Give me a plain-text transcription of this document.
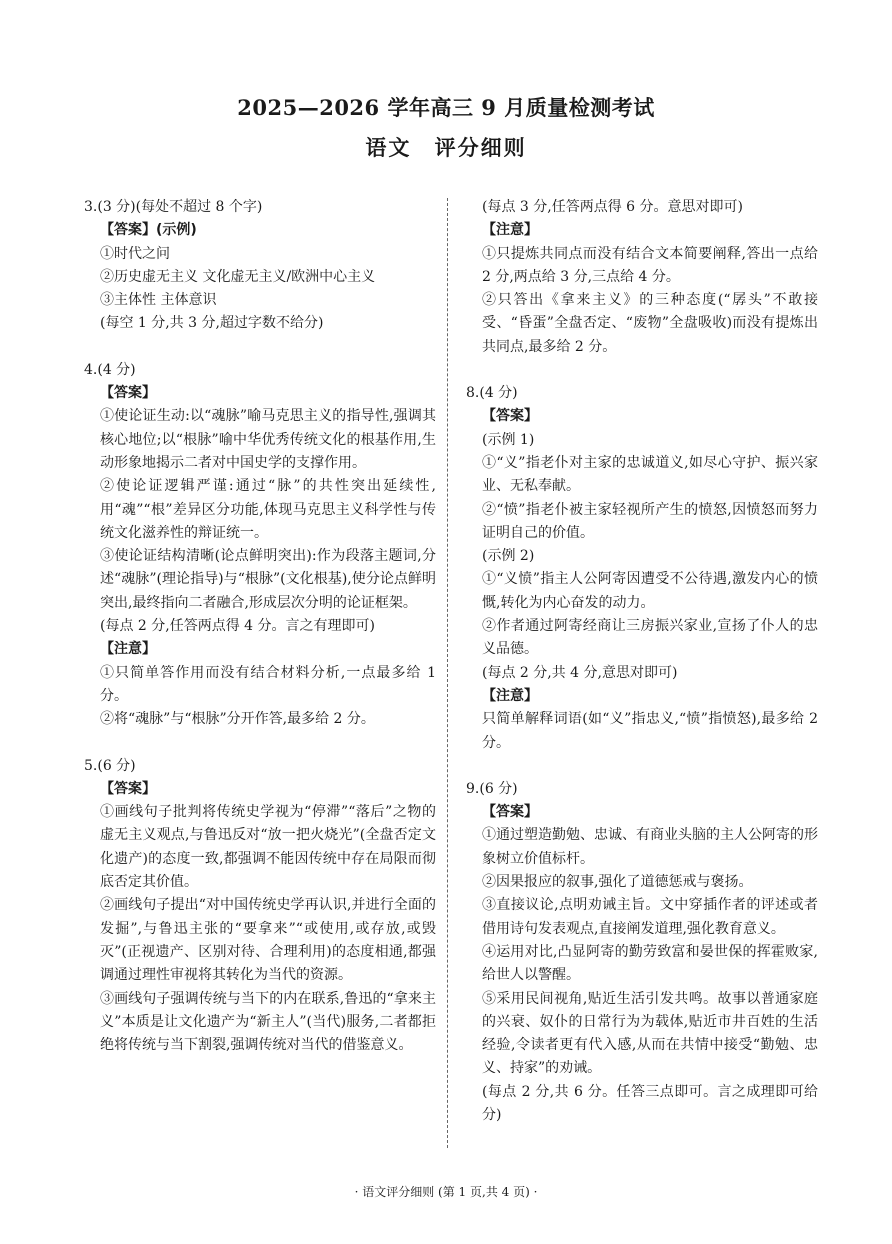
2025—2026 学年高三 9 月质量检测考试
语文 评分细则
3.(3 分)(每处不超过 8 个字)
【答案】(示例)
①时代之问
②历史虚无主义 文化虚无主义/欧洲中心主义
③主体性 主体意识
(每空 1 分,共 3 分,超过字数不给分)
4.(4 分)
【答案】
①使论证生动:以“魂脉”喻马克思主义的指导性,强调其核心地位;以“根脉”喻中华优秀传统文化的根基作用,生动形象地揭示二者对中国史学的支撑作用。
②使论证逻辑严谨:通过“脉”的共性突出延续性,用“魂”“根”差异区分功能,体现马克思主义科学性与传统文化滋养性的辩证统一。
③使论证结构清晰(论点鲜明突出):作为段落主题词,分述“魂脉”(理论指导)与“根脉”(文化根基),使分论点鲜明突出,最终指向二者融合,形成层次分明的论证框架。
(每点 2 分,任答两点得 4 分。言之有理即可)
【注意】
①只简单答作用而没有结合材料分析,一点最多给 1 分。
②将“魂脉”与“根脉”分开作答,最多给 2 分。
5.(6 分)
【答案】
①画线句子批判将传统史学视为“停滞”“落后”之物的虚无主义观点,与鲁迅反对“放一把火烧光”(全盘否定文化遗产)的态度一致,都强调不能因传统中存在局限而彻底否定其价值。
②画线句子提出“对中国传统史学再认识,并进行全面的发掘”,与鲁迅主张的“要拿来”“或使用,或存放,或毁灭”(正视遗产、区别对待、合理利用)的态度相通,都强调通过理性审视将其转化为当代的资源。
③画线句子强调传统与当下的内在联系,鲁迅的“拿来主义”本质是让文化遗产为“新主人”(当代)服务,二者都拒绝将传统与当下割裂,强调传统对当代的借鉴意义。
(每点 3 分,任答两点得 6 分。意思对即可)
【注意】
①只提炼共同点而没有结合文本简要阐释,答出一点给 2 分,两点给 3 分,三点给 4 分。
②只答出《拿来主义》的三种态度(“孱头”不敢接受、“昏蛋”全盘否定、“废物”全盘吸收)而没有提炼出共同点,最多给 2 分。
8.(4 分)
【答案】
(示例 1)
①“义”指老仆对主家的忠诚道义,如尽心守护、振兴家业、无私奉献。
②“愤”指老仆被主家轻视所产生的愤怒,因愤怒而努力证明自己的价值。
(示例 2)
①“义愤”指主人公阿寄因遭受不公待遇,激发内心的愤慨,转化为内心奋发的动力。
②作者通过阿寄经商让三房振兴家业,宣扬了仆人的忠义品德。
(每点 2 分,共 4 分,意思对即可)
【注意】
只简单解释词语(如“义”指忠义,“愤”指愤怒),最多给 2 分。
9.(6 分)
【答案】
①通过塑造勤勉、忠诚、有商业头脑的主人公阿寄的形象树立价值标杆。
②因果报应的叙事,强化了道德惩戒与褒扬。
③直接议论,点明劝诫主旨。文中穿插作者的评述或者借用诗句发表观点,直接阐发道理,强化教育意义。
④运用对比,凸显阿寄的勤劳致富和晏世保的挥霍败家,给世人以警醒。
⑤采用民间视角,贴近生活引发共鸣。故事以普通家庭的兴衰、奴仆的日常行为为载体,贴近市井百姓的生活经验,令读者更有代入感,从而在共情中接受“勤勉、忠义、持家”的劝诫。
(每点 2 分,共 6 分。任答三点即可。言之成理即可给分)
· 语文评分细则 (第 1 页,共 4 页) ·
